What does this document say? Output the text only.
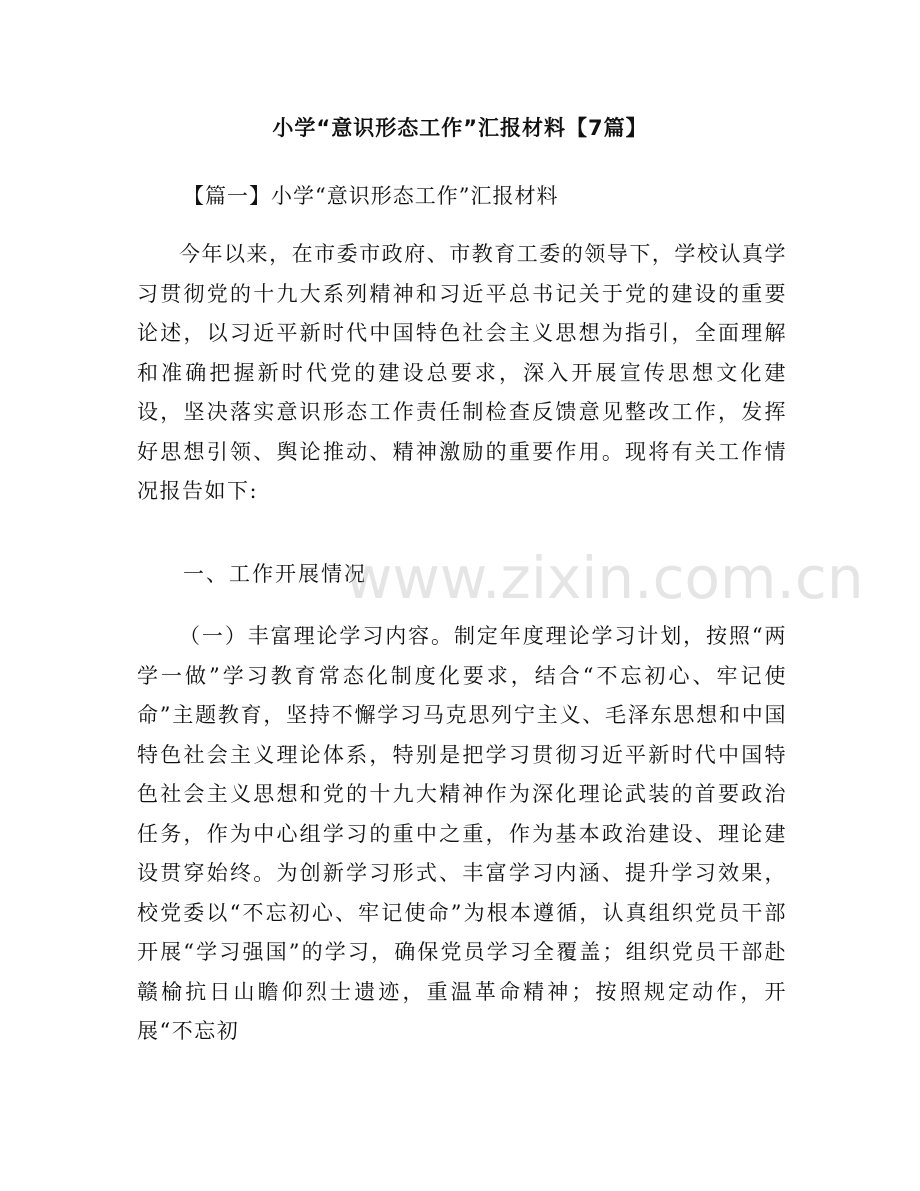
小学“意识形态工作”汇报材料【7篇】
【篇一】小学“意识形态工作”汇报材料

今年以来，在市委市政府、市教育工委的领导下，学校认真学习贯彻党的十九大系列精神和习近平总书记关于党的建设的重要论述，以习近平新时代中国特色社会主义思想为指引，全面理解和准确把握新时代党的建设总要求，深入开展宣传思想文化建设，坚决落实意识形态工作责任制检查反馈意见整改工作，发挥好思想引领、舆论推动、精神激励的重要作用。现将有关工作情况报告如下:

一、工作开展情况

（一）丰富理论学习内容。制定年度理论学习计划，按照“两学一做”学习教育常态化制度化要求，结合“不忘初心、牢记使命”主题教育，坚持不懈学习马克思列宁主义、毛泽东思想和中国特色社会主义理论体系，特别是把学习贯彻习近平新时代中国特色社会主义思想和党的十九大精神作为深化理论武装的首要政治任务，作为中心组学习的重中之重，作为基本政治建设、理论建设贯穿始终。为创新学习形式、丰富学习内涵、提升学习效果，校党委以“不忘初心、牢记使命”为根本遵循，认真组织党员干部开展“学习强国”的学习，确保党员学习全覆盖；组织党员干部赴赣榆抗日山瞻仰烈士遗迹，重温革命精神；按照规定动作，开展“不忘初

www.zixin.com.cn
